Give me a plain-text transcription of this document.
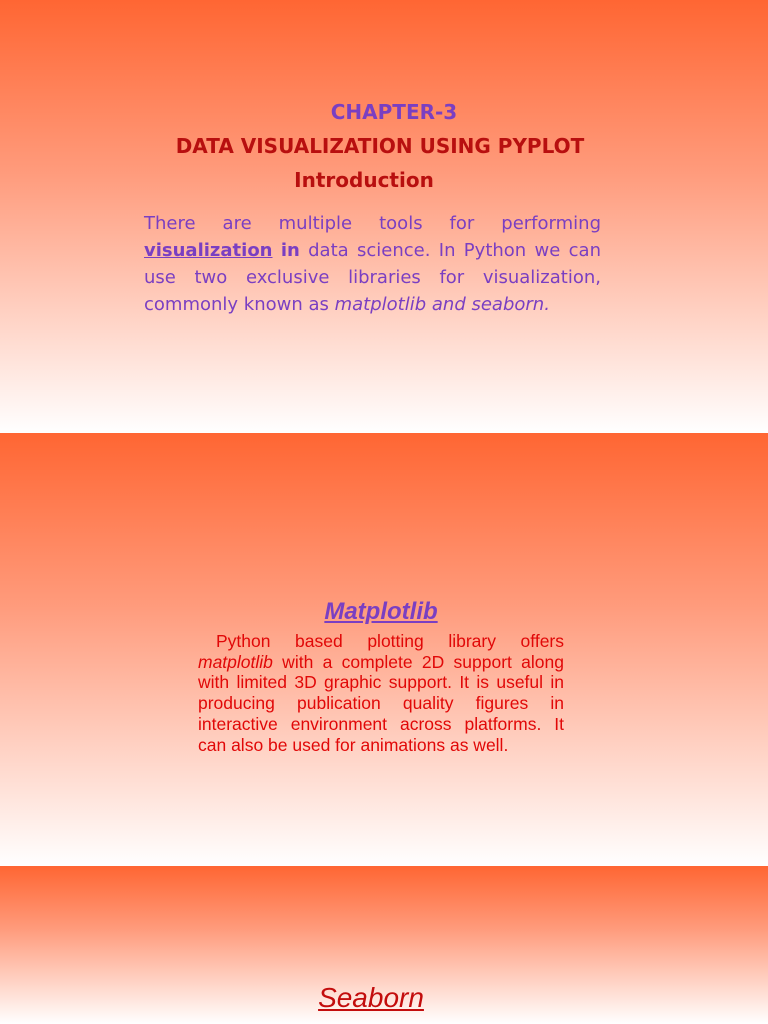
CHAPTER-3
DATA VISUALIZATION USING PYPLOT
Introduction

There are multiple tools for performing visualization in data science. In Python we can use two exclusive libraries for visualization, commonly known as matplotlib and seaborn.

Matplotlib

Python based plotting library offers matplotlib with a complete 2D support along with limited 3D graphic support. It is useful in producing publication quality figures in interactive environment across platforms. It can also be used for animations as well.

Seaborn
